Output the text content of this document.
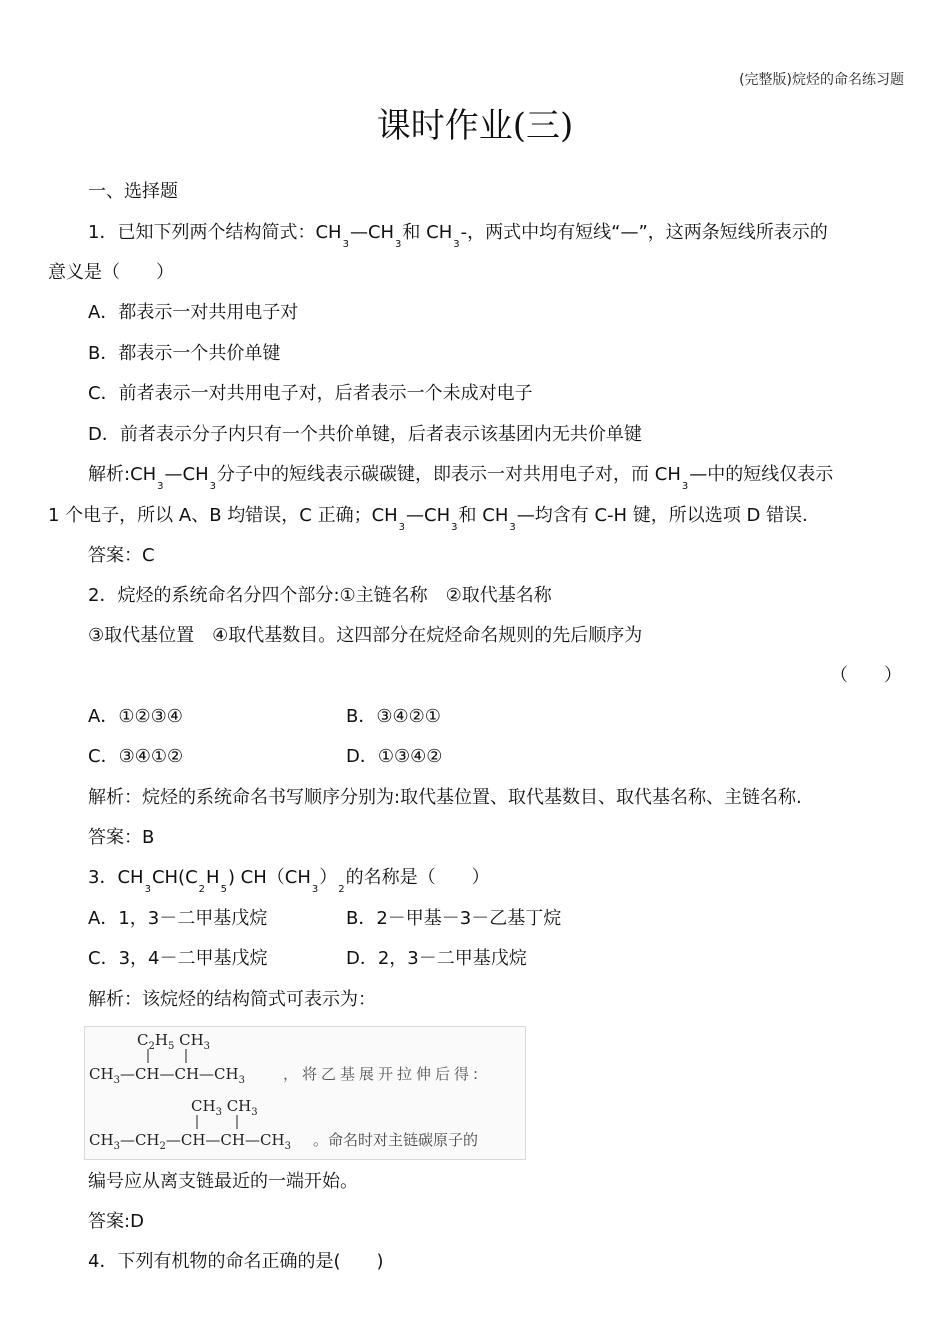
(完整版)烷烃的命名练习题
课时作业(三)
一、选择题
1．已知下列两个结构简式：$CH_3—CH_3$和 $CH_3-$，两式中均有短线“—”，这两条短线所表示的
意义是（　　）
A．都表示一对共用电子对
B．都表示一个共价单键
C．前者表示一对共用电子对，后者表示一个未成对电子
D．前者表示分子内只有一个共价单键，后者表示该基团内无共价单键
解析$:CH_3—CH_3$分子中的短线表示碳碳键，即表示一对共用电子对，而 $CH_3—$中的短线仅表示
1 个电子，所以 A、B 均错误，C 正确；$CH_3—CH_3$和 $CH_3—$均含有 C-H 键，所以选项 D 错误.
答案：C
2．烷烃的系统命名分四个部分:①主链名称　②取代基名称
③取代基位置　④取代基数目。这四部分在烷烃命名规则的先后顺序为
（　　）
A．①②③④	B．③④②①
C．③④①②	D．①③④②
解析：烷烃的系统命名书写顺序分别为:取代基位置、取代基数目、取代基名称、主链名称.
答案：B
3．$CH_3CH(C_2H_5)$ $CH(CH_3)_2$的名称是（　　）
A．1，3－二甲基戊烷	B．2－甲基－3－乙基丁烷
C．3，4－二甲基戊烷	D．2，3－二甲基戊烷
解析：该烷烃的结构简式可表示为：
$C_2H_5$ $CH_3$
$CH_3—CH—CH—CH_3$	，将乙基展开拉伸后得:
$CH_3$ $CH_3$
$CH_3—CH_2—CH—CH—CH_3$ 。命名时对主链碳原子的
编号应从离支链最近的一端开始。
答案:D
4．下列有机物的命名正确的是(　　)
